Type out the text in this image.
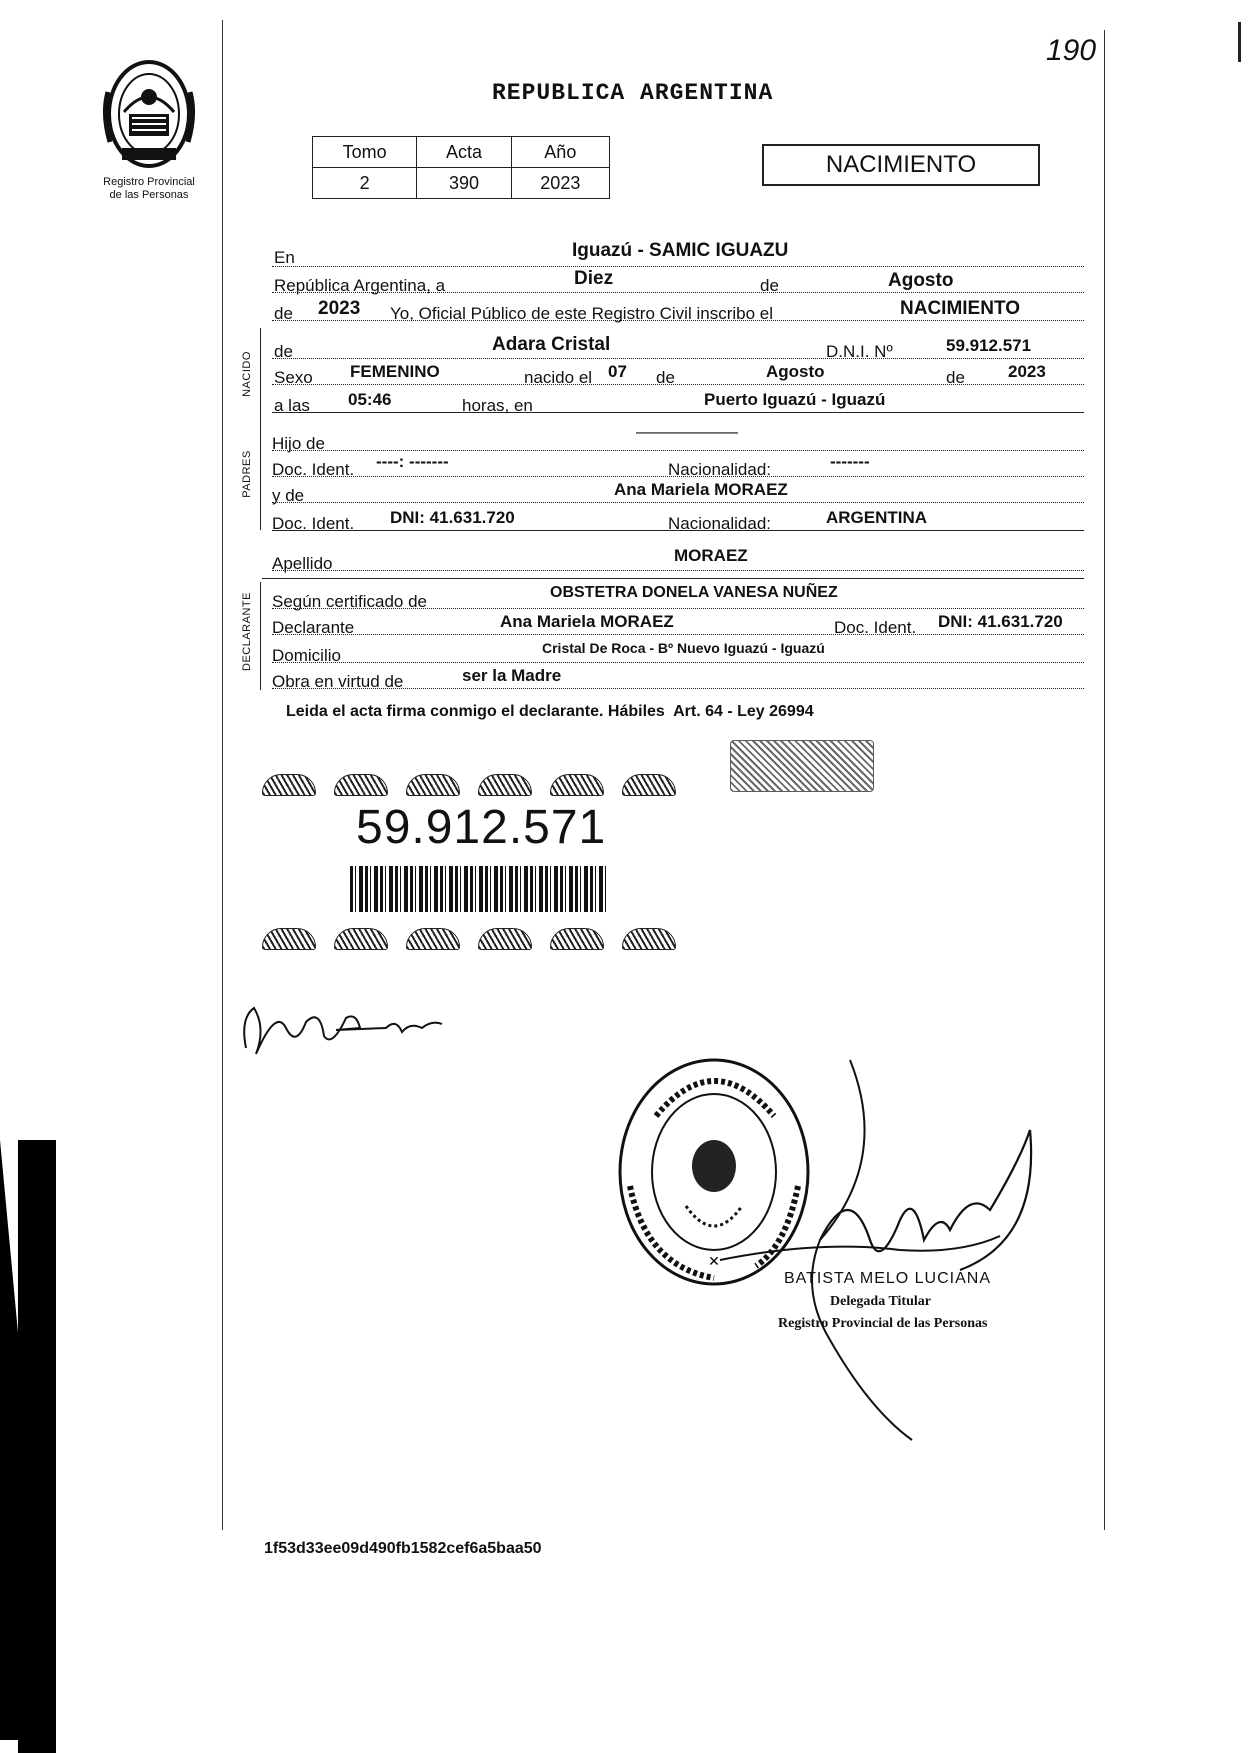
Registro Provincial
de las Personas
190
REPUBLICA ARGENTINA
Tomo	Acta	Año
2	390	2023
NACIMIENTO
En	Iguazú - SAMIC IGUAZU
República Argentina, a	Diez	de	Agosto
de 2023 Yo, Oficial Público de este Registro Civil inscribo el	NACIMIENTO
NACIDO de	Adara Cristal	D.N.I. Nº	59.912.571
Sexo FEMENINO	nacido el 07 de	Agosto	de	2023
a las 05:46	horas, en	Puerto Iguazú - Iguazú
PADRES
Hijo de
——————
Doc. Ident. ----: -------	Nacionalidad:	-------
y de	Ana Mariela MORAEZ
Doc. Ident. DNI: 41.631.720	Nacionalidad:	ARGENTINA
Apellido	MORAEZ
DECLARANTE Según certificado de	OBSTETRA DONELA VANESA NUÑEZ
Declarante	Ana Mariela MORAEZ	Doc. Ident. DNI: 41.631.720
Domicilio	Cristal De Roca - Bº Nuevo Iguazú - Iguazú
Obra en virtud de	ser la Madre
Leida el acta firma conmigo el declarante. Hábiles  Art. 64 - Ley 26994
59.912.571
✕
BATISTA MELO LUCIANA
Delegada Titular
Registro Provincial de las Personas
1f53d33ee09d490fb1582cef6a5baa50
